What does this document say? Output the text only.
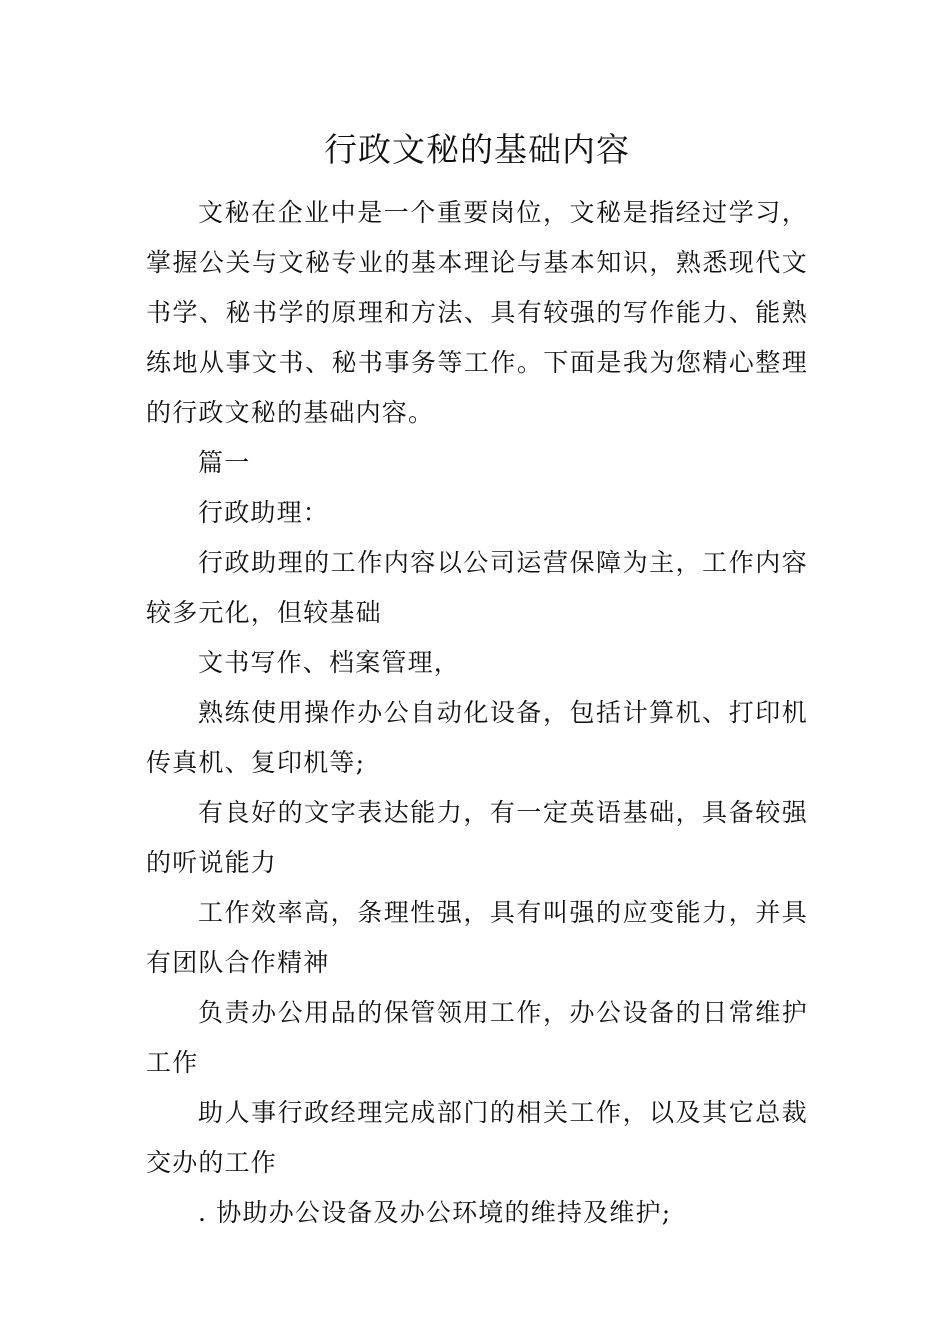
行政文秘的基础内容

文秘在企业中是一个重要岗位，文秘是指经过学习，掌握公关与文秘专业的基本理论与基本知识，熟悉现代文书学、秘书学的原理和方法、具有较强的写作能力、能熟练地从事文书、秘书事务等工作。下面是我为您精心整理的行政文秘的基础内容。

篇一

行政助理：

行政助理的工作内容以公司运营保障为主，工作内容较多元化，但较基础

文书写作、档案管理，

熟练使用操作办公自动化设备，包括计算机、打印机传真机、复印机等;

有良好的文字表达能力，有一定英语基础，具备较强的听说能力

工作效率高，条理性强，具有叫强的应变能力，并具有团队合作精神

负责办公用品的保管领用工作，办公设备的日常维护工作

助人事行政经理完成部门的相关工作，以及其它总裁交办的工作

. 协助办公设备及办公环境的维持及维护;
